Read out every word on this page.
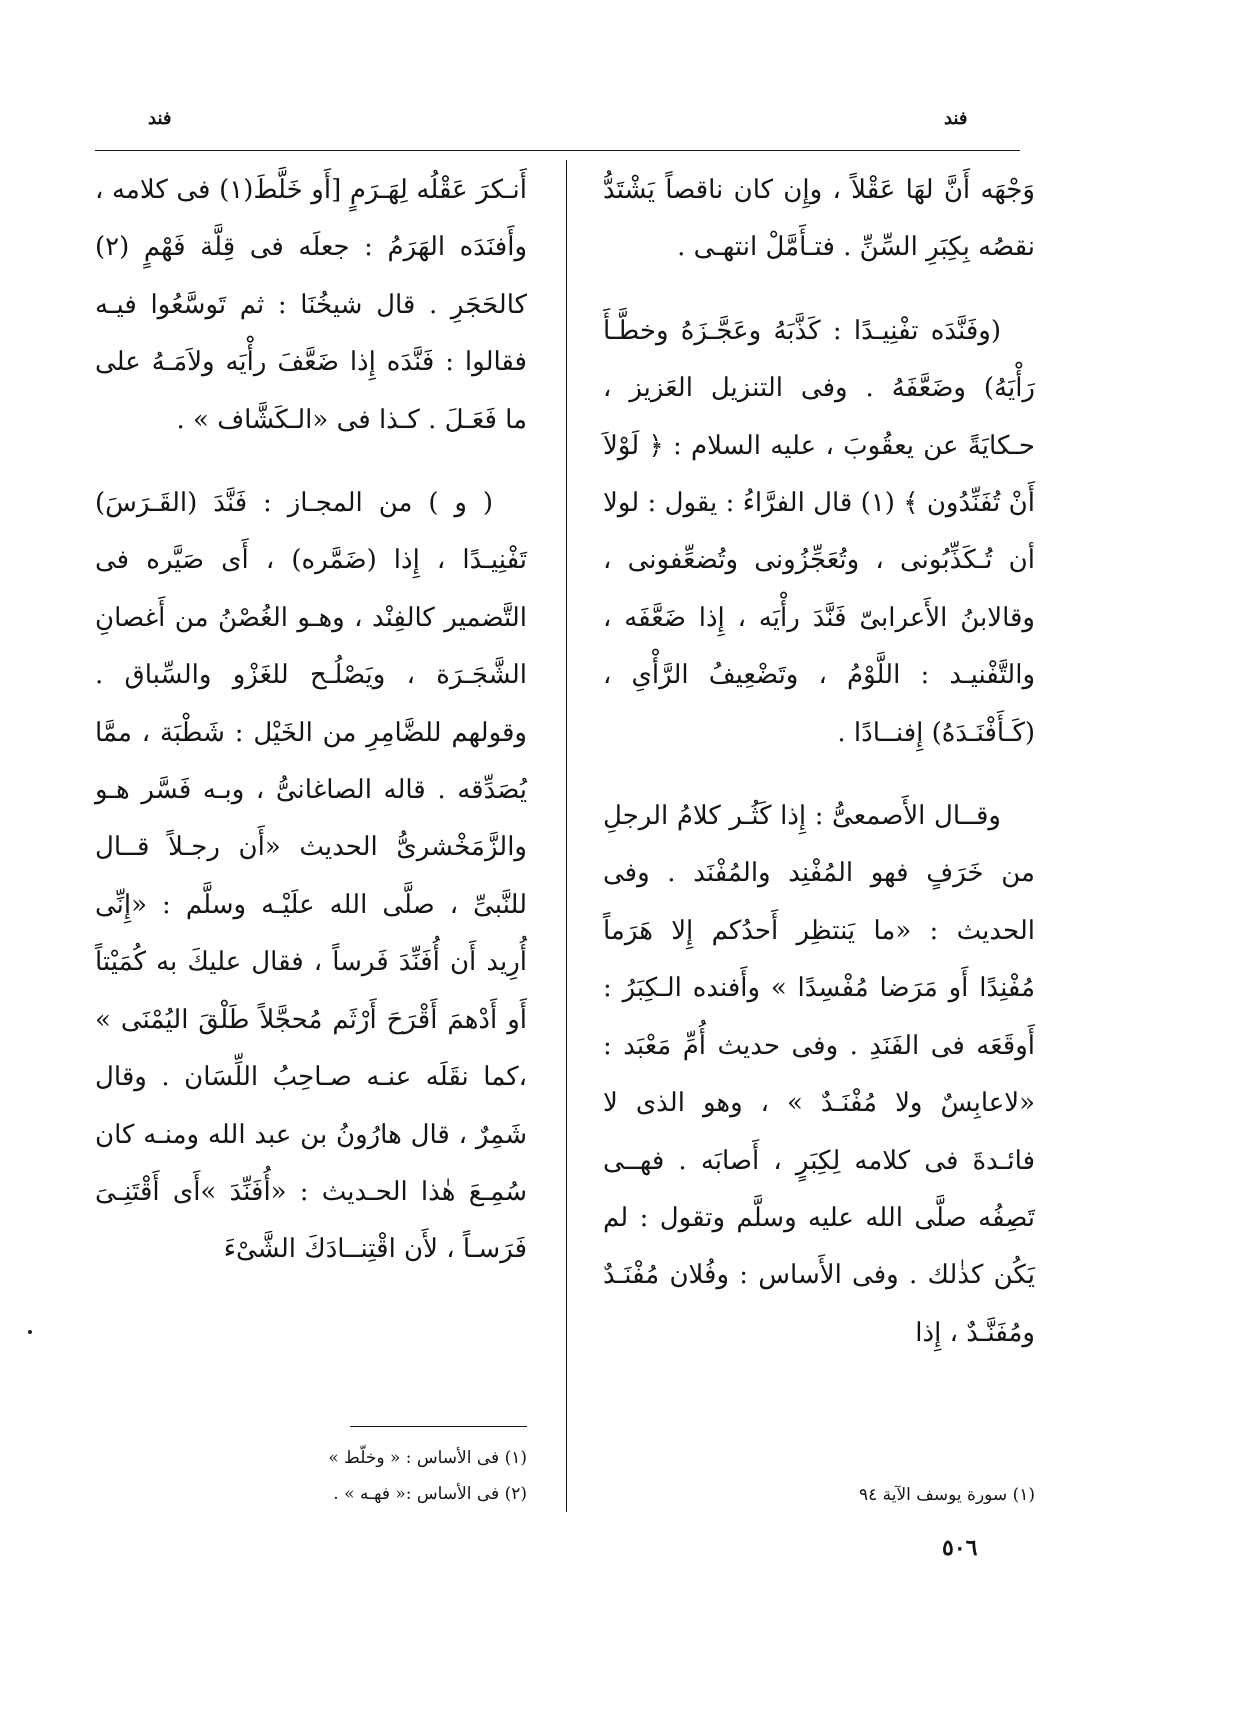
فند	فند

وَجْهَه أَنَّ لهَا عَقْلاً ، وإِن كان ناقصاً يَشْتَدُّ نقصُه بِكِبَرِ السِّنِّ . فتـأَمَّلْ انتهـى .

(وفَنَّدَه تفْنِيـدًا : كَذَّبَهُ وعَجَّـزَهُ وخطَّـأَ رَأْيَهُ) وضَعَّفَهُ . وفى التنزيل العَزيز ، حـكايَةً عن يعقُوبَ ، عليه السلام : ﴿ لَوْلاَ أَنْ تُفَنِّدُون ﴾ (١) قال الفرَّاءُ : يقول : لولا أن تُـكَذِّبُونى ، وتُعَجِّزُونى وتُضعِّفونى ، وقالابنُ الأَعرابىّ فَنَّدَ رأْيَه ، إِذا ضَعَّفَه ، والتَّفْنيـد : اللَّوْمُ ، وتَضْعِيفُ الرَّأْىِ ،(كَـأَفْنَـدَهُ) إِفنــادًا .

وقــال الأَصمعىُّ : إِذا كَثُـر كلامُ الرجلِ من خَرَفٍ فهو المُفْنِد والمُفْنَد . وفى الحديث : «ما يَنتظِر أَحدُكم إِلا هَرَماً مُفْنِدًا أَو مَرَضا مُفْسِدًا » وأَفنده الـكِبَرُ : أَوقَعَه فى الفَنَدِ . وفى حديث أُمِّ مَعْبَد : «لاعابِسٌ ولا مُفْنَـدٌ » ، وهو الذى لا فائـدةَ فى كلامه لِكِبَرٍ ، أَصابَه . فهــى تَصِفُه صلَّى الله عليه وسلَّم وتقول : لم يَكُن كذٰلك . وفى الأَساس : وفُلان مُفْنَـدٌ ومُفَنَّـدٌ ، إِذا

أَنـكرَ عَقْلُه لِهَـرَمٍ [أَو خَلَّطَ(١) فى كلامه ، وأَفنَدَه الهَرَمُ : جعلَه فى قِلَّة فَهْمٍ (٢) كالحَجَرِ . قال شيخُنَا : ثم تَوسَّعُوا فيـه فقالوا : فَنَّدَه إِذا ضَعَّفَ رأْيَه ولاَمَـهُ على ما فَعَـلَ . كـذا فى «الـكَشَّاف » .

( و ) من المجـاز : فَنَّدَ (القَـرَسَ) تَفْنِيـدًا ، إِذا (ضَمَّره) ، أَى صَيَّره فى التَّضمير كالفِنْد ، وهـو الغُصْنُ من أَغصانِ الشَّجَـرَة ، ويَصْلُـح للغَزْو والسِّباق . وقولهم للضَّامِرِ من الخَيْل : شَطْبَة ، ممَّا يُصَدِّقه . قاله الصاغانىُّ ، وبـه فَسَّر هـو والزَّمَخْشرىُّ الحديث «أَن رجـلاً قــال للنَّبىِّ ، صلَّى الله علَيْـه وسلَّم : «إِنِّى أُرِيد أَن أُفَنِّدَ فَرساً ، فقال عليكَ به كُمَيْتاً أَو أَدْهمَ أَقْرَحَ أَرْثَم مُحجَّلاً طَلْقَ اليُمْنَى » ،كما نقَلَه عنـه صـاحِبُ اللِّسَان . وقال شَمِرٌ ، قال هارُونُ بن عبد الله ومنـه كان سُمِـعَ هٰذا الحـديث : «أُفَنِّدَ »أَى أَقْتَنِـىَ فَرَسـاً ، لأَن اقْتِنــادَكَ الشَّىْءَ

(١) فى الأساس : « وخلّط »

(٢) فى الأساس :« فهـه » .	(١) سورة يوسف الآية ٩٤

٥٠٦
